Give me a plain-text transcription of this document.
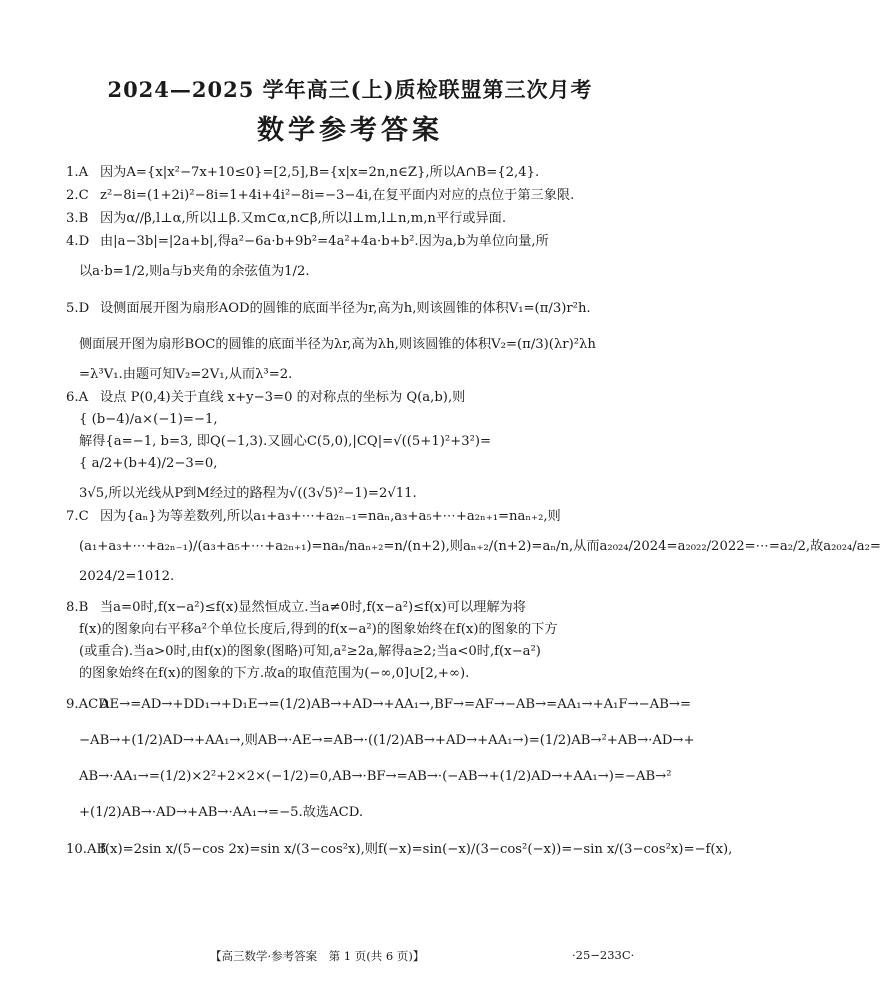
2024—2025 学年高三(上)质检联盟第三次月考
数学参考答案
1.A 因为A={x|x²−7x+10≤0}=[2,5],B={x|x=2n,n∈Z},所以A∩B={2,4}.
2.C z²−8i=(1+2i)²−8i=1+4i+4i²−8i=−3−4i,在复平面内对应的点位于第三象限.
3.B 因为α//β,l⊥α,所以l⊥β.又m⊂α,n⊂β,所以l⊥m,l⊥n,m,n平行或异面.
4.D 由|a−3b|=|2a+b|,得a²−6a·b+9b²=4a²+4a·b+b².因为a,b为单位向量,所
以a·b=1/2,则a与b夹角的余弦值为1/2.
5.D 设侧面展开图为扇形AOD的圆锥的底面半径为r,高为h,则该圆锥的体积V₁=(π/3)r²h.
侧面展开图为扇形BOC的圆锥的底面半径为λr,高为λh,则该圆锥的体积V₂=(π/3)(λr)²λh
=λ³V₁.由题可知V₂=2V₁,从而λ³=2.
6.A 设点 P(0,4)关于直线 x+y−3=0 的对称点的坐标为 Q(a,b),则
{ (b−4)/a×(−1)=−1,
解得{a=−1, b=3, 即Q(−1,3).又圆心C(5,0),|CQ|=√((5+1)²+3²)=
{ a/2+(b+4)/2−3=0,
3√5,所以光线从P到M经过的路程为√((3√5)²−1)=2√11.
7.C 因为{aₙ}为等差数列,所以a₁+a₃+⋯+a₂ₙ₋₁=naₙ,a₃+a₅+⋯+a₂ₙ₊₁=naₙ₊₂,则
(a₁+a₃+⋯+a₂ₙ₋₁)/(a₃+a₅+⋯+a₂ₙ₊₁)=naₙ/naₙ₊₂=n/(n+2),则aₙ₊₂/(n+2)=aₙ/n,从而a₂₀₂₄/2024=a₂₀₂₂/2022=⋯=a₂/2,故a₂₀₂₄/a₂=
2024/2=1012.
8.B 当a=0时,f(x−a²)≤f(x)显然恒成立.当a≠0时,f(x−a²)≤f(x)可以理解为将
f(x)的图象向右平移a²个单位长度后,得到的f(x−a²)的图象始终在f(x)的图象的下方
(或重合).当a>0时,由f(x)的图象(图略)可知,a²≥2a,解得a≥2;当a<0时,f(x−a²)
的图象始终在f(x)的图象的下方.故a的取值范围为(−∞,0]∪[2,+∞).
9.ACDAE→=AD→+DD₁→+D₁E→=(1/2)AB→+AD→+AA₁→,BF→=AF→−AB→=AA₁→+A₁F→−AB→=
−AB→+(1/2)AD→+AA₁→,则AB→·AE→=AB→·((1/2)AB→+AD→+AA₁→)=(1/2)AB→²+AB→·AD→+
AB→·AA₁→=(1/2)×2²+2×2×(−1/2)=0,AB→·BF→=AB→·(−AB→+(1/2)AD→+AA₁→)=−AB→²
+(1/2)AB→·AD→+AB→·AA₁→=−5.故选ACD.
10.ABf(x)=2sin x/(5−cos 2x)=sin x/(3−cos²x),则f(−x)=sin(−x)/(3−cos²(−x))=−sin x/(3−cos²x)=−f(x),
【高三数学·参考答案　第 1 页(共 6 页)】	·25−233C·
